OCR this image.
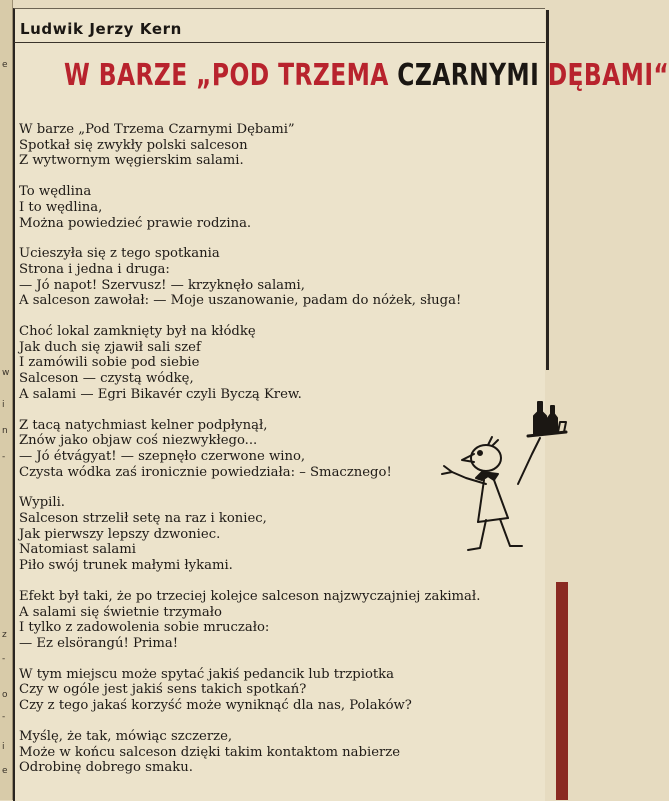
e
w
i
n
-
z
-
o
-
i
e
Ludwik Jerzy Kern
W BARZE „POD TRZEMA CZARNYMI DĘBAMI“
W barze „Pod Trzema Czarnymi Dębami”
Spotkał się zwykły polski salceson
Z wytwornym węgierskim salami.
To wędlina
I to wędlina,
Można powiedzieć prawie rodzina.
Ucieszyła się z tego spotkania
Strona i jedna i druga:
— Jó napot! Szervusz! — krzyknęło salami,
A salceson zawołał: — Moje uszanowanie, padam do nóżek, sługa!
Choć lokal zamknięty był na kłódkę
Jak duch się zjawił sali szef
I zamówili sobie pod siebie
Salceson — czystą wódkę,
A salami — Egri Bikavér czyli Byczą Krew.
Z tacą natychmiast kelner podpłynął,
Znów jako objaw coś niezwykłego...
— Jó étvágyat! — szepnęło czerwone wino,
Czysta wódka zaś ironicznie powiedziała: – Smacznego!
Wypili.
Salceson strzelił setę na raz i koniec,
Jak pierwszy lepszy dzwoniec.
Natomiast salami
Piło swój trunek małymi łykami.
Efekt był taki, że po trzeciej kolejce salceson najzwyczajniej zakimał.
A salami się świetnie trzymało
I tylko z zadowolenia sobie mruczało:
— Ez elsörangú! Prima!
W tym miejscu może spytać jakiś pedancik lub trzpiotka
Czy w ogóle jest jakiś sens takich spotkań?
Czy z tego jakaś korzyść może wyniknąć dla nas, Polaków?
Myślę, że tak, mówiąc szczerze,
Może w końcu salceson dzięki takim kontaktom nabierze
Odrobinę dobrego smaku.
